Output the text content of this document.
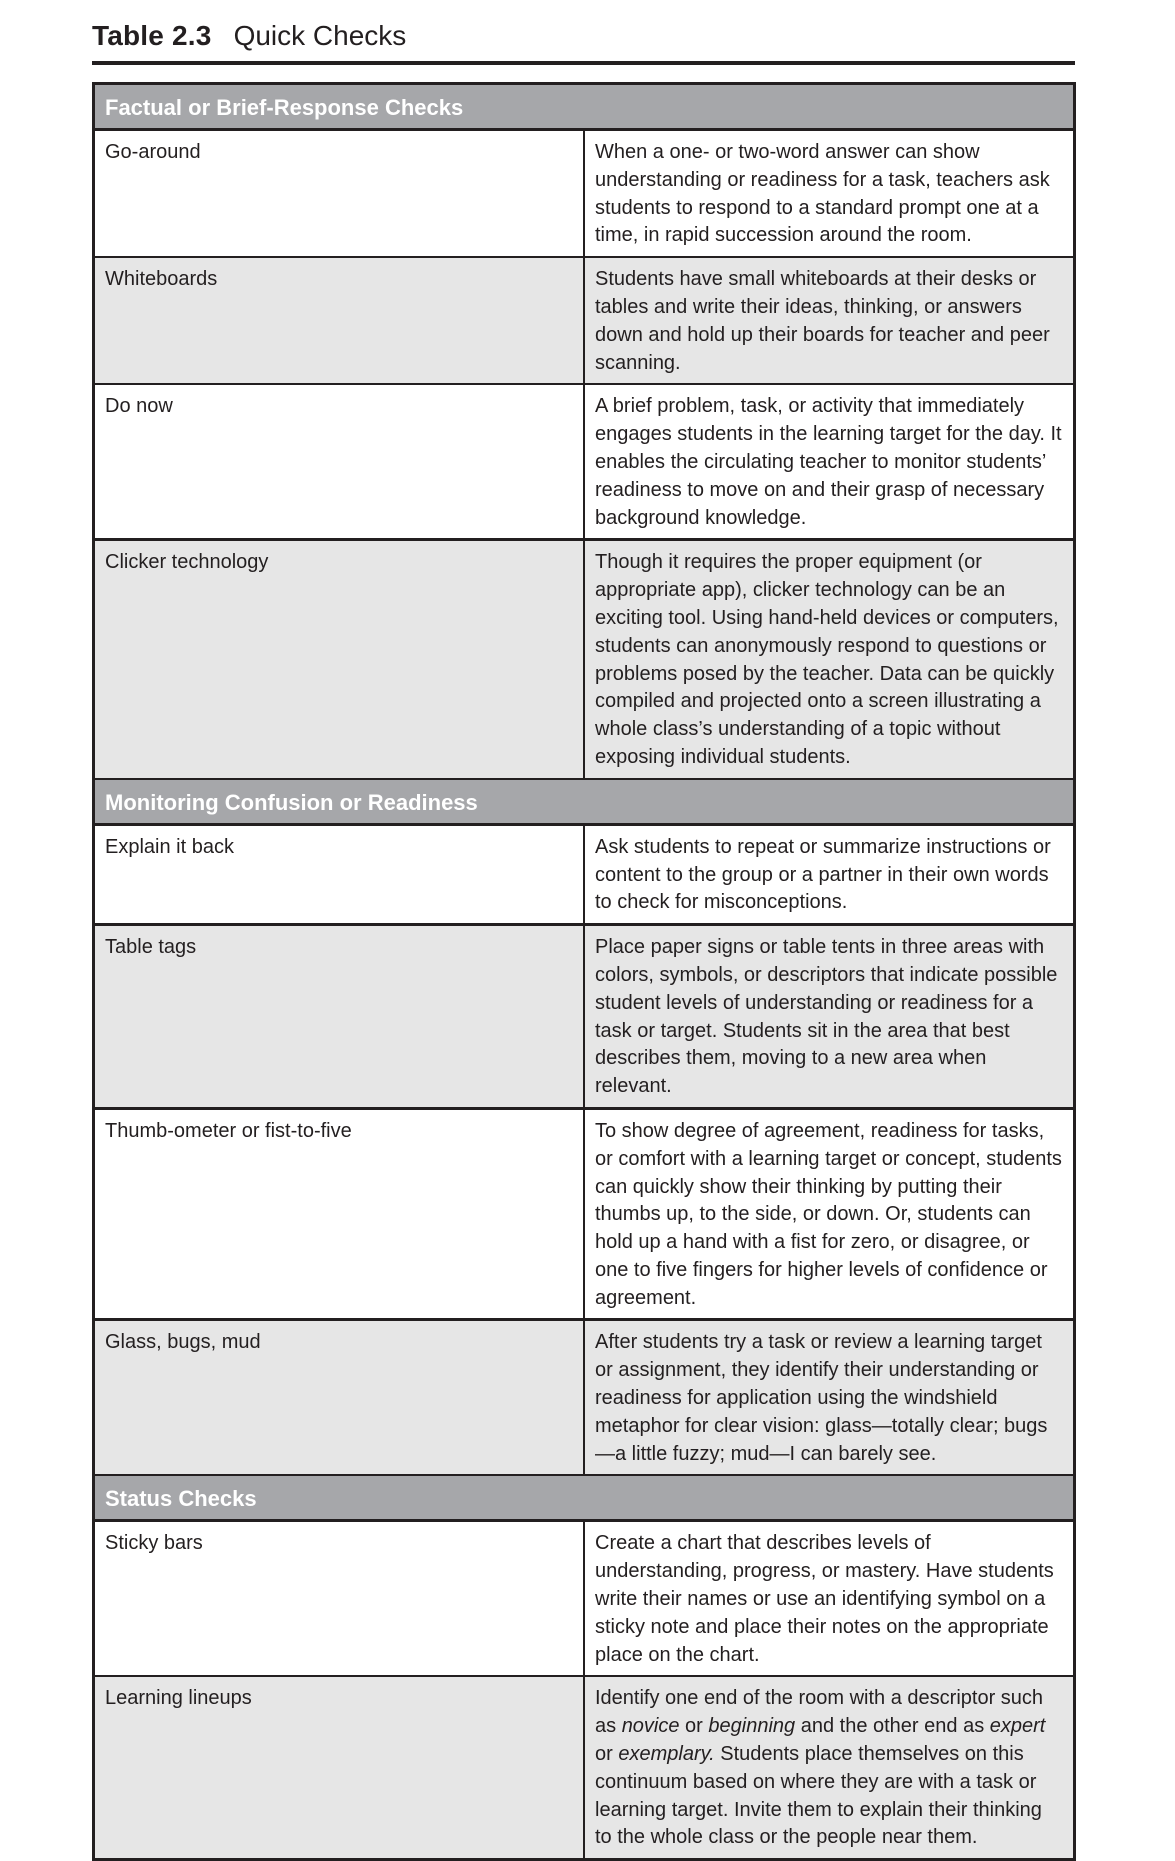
Table 2.3 Quick Checks
Factual or Brief-Response Checks	
Go-around	When a one- or two-word answer can show understanding or readiness for a task, teachers ask students to respond to a standard prompt one at a time, in rapid succession around the room.
Whiteboards	Students have small whiteboards at their desks or tables and write their ideas, thinking, or answers down and hold up their boards for teacher and peer scanning.
Do now	A brief problem, task, or activity that immediately engages students in the learning target for the day. It enables the circulating teacher to monitor students’ readiness to move on and their grasp of necessary background knowledge.
Clicker technology	Though it requires the proper equipment (or appropriate app), clicker technology can be an exciting tool. Using hand-held devices or computers, students can anonymously respond to questions or problems posed by the teacher. Data can be quickly compiled and projected onto a screen illustrating a whole class’s understanding of a topic without exposing individual students.
Monitoring Confusion or Readiness	
Explain it back	Ask students to repeat or summarize instructions or content to the group or a partner in their own words to check for misconceptions.
Table tags	Place paper signs or table tents in three areas with colors, symbols, or descriptors that indicate possible student levels of understanding or readiness for a task or target. Students sit in the area that best describes them, moving to a new area when relevant.
Thumb-ometer or fist-to-five	To show degree of agreement, readiness for tasks, or comfort with a learning target or concept, students can quickly show their thinking by putting their thumbs up, to the side, or down. Or, students can hold up a hand with a fist for zero, or disagree, or one to five fingers for higher levels of confidence or agreement.
Glass, bugs, mud	After students try a task or review a learning target or assignment, they identify their understanding or readiness for application using the windshield metaphor for clear vision: glass—totally clear; bugs—a little fuzzy; mud—I can barely see.
Status Checks	
Sticky bars	Create a chart that describes levels of understanding, progress, or mastery. Have students write their names or use an identifying symbol on a sticky note and place their notes on the appropriate place on the chart.
Learning lineups	Identify one end of the room with a descriptor such as novice or beginning and the other end as expert or exemplary. Students place themselves on this continuum based on where they are with a task or learning target. Invite them to explain their thinking to the whole class or the people near them.
